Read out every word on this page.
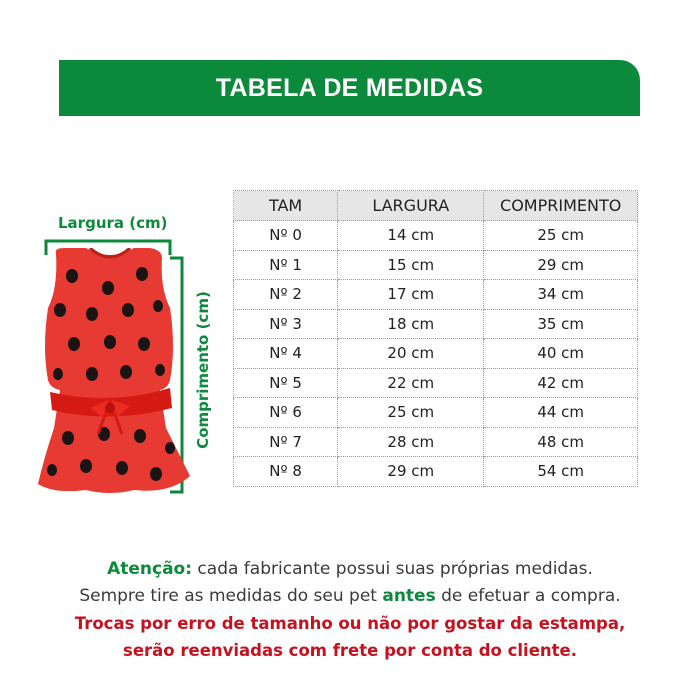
TABELA DE MEDIDAS
Largura (cm)
Comprimento (cm)
TAM	LARGURA	COMPRIMENTO
Nº 0	14 cm	25 cm
Nº 1	15 cm	29 cm
Nº 2	17 cm	34 cm
Nº 3	18 cm	35 cm
Nº 4	20 cm	40 cm
Nº 5	22 cm	42 cm
Nº 6	25 cm	44 cm
Nº 7	28 cm	48 cm
Nº 8	29 cm	54 cm
Atenção: cada fabricante possui suas próprias medidas.
Sempre tire as medidas do seu pet antes de efetuar a compra.
Trocas por erro de tamanho ou não por gostar da estampa,
serão reenviadas com frete por conta do cliente.
